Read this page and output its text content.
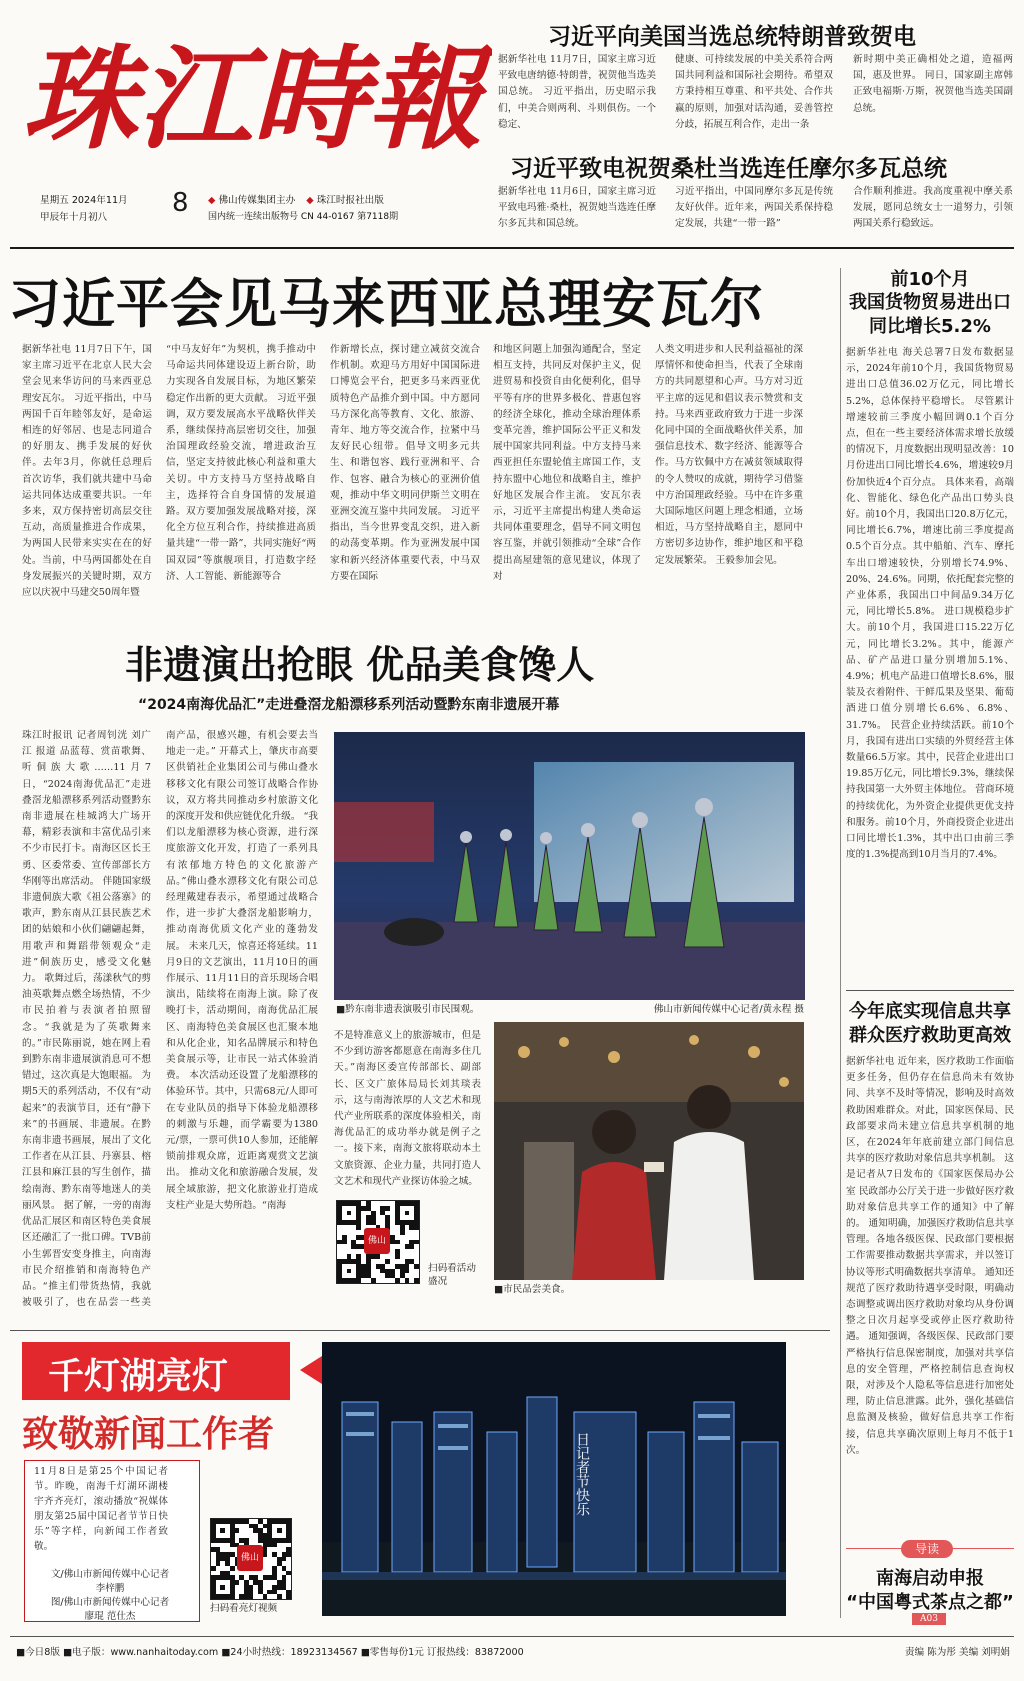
珠江時報
星期五 2024年11月
甲辰年十月初八	8 ◆ 佛山传媒集团主办 ◆ 珠江时报社出版
国内统一连续出版物号 CN 44-0167 第7118期
习近平向美国当选总统特朗普致贺电
据新华社电 11月7日，国家主席习近平致电唐纳德·特朗普，祝贺他当选美国总统。 习近平指出，历史昭示我们，中美合则两利、斗则俱伤。一个稳定、
健康、可持续发展的中美关系符合两国共同利益和国际社会期待。希望双方秉持相互尊重、和平共处、合作共赢的原则，加强对话沟通，妥善管控分歧，拓展互利合作，走出一条
新时期中美正确相处之道，造福两国，惠及世界。 同日，国家副主席韩正致电福斯·万斯，祝贺他当选美国副总统。
习近平致电祝贺桑杜当选连任摩尔多瓦总统
据新华社电 11月6日，国家主席习近平致电玛雅·桑杜，祝贺她当选连任摩尔多瓦共和国总统。
习近平指出，中国同摩尔多瓦是传统友好伙伴。近年来，两国关系保持稳定发展，共建“一带一路”
合作顺利推进。我高度重视中摩关系发展，愿同总统女士一道努力，引领两国关系行稳致远。
习近平会见马来西亚总理安瓦尔
据新华社电 11月7日下午，国家主席习近平在北京人民大会堂会见来华访问的马来西亚总理安瓦尔。 习近平指出，中马两国千百年睦邻友好，是命运相连的好邻居、也是志同道合的好朋友、携手发展的好伙伴。去年3月，你就任总理后首次访华，我们就共建中马命运共同体达成重要共识。一年多来，双方保持密切高层交往互动，高质量推进合作成果，为两国人民带来实实在在的好处。当前，中马两国都处在自身发展振兴的关键时期，双方应以庆祝中马建交50周年暨
“中马友好年”为契机，携手推动中马命运共同体建设迈上新台阶，助力实现各自发展目标，为地区繁荣稳定作出新的更大贡献。 习近平强调，双方要发展高水平战略伙伴关系，继续保持高层密切交往，加强治国理政经验交流，增进政治互信，坚定支持彼此核心利益和重大关切。中方支持马方坚持战略自主，选择符合自身国情的发展道路。双方要加强发展战略对接，深化全方位互利合作，持续推进高质量共建“一带一路”，共同实施好“两国双园”等旗舰项目，打造数字经济、人工智能、新能源等合
作新增长点，探讨建立减贫交流合作机制。欢迎马方用好中国国际进口博览会平台，把更多马来西亚优质特色产品推介到中国。中方愿同马方深化高等教育、文化、旅游、青年、地方等交流合作，拉紧中马友好民心纽带。倡导文明多元共生、和谐包容、践行亚洲和平、合作、包容、融合为核心的亚洲价值观，推动中华文明同伊斯兰文明在亚洲交流互鉴中共同发展。 习近平指出，当今世界变乱交织，进入新的动荡变革期。作为亚洲发展中国家和新兴经济体重要代表，中马双方要在国际
和地区问题上加强沟通配合，坚定相互支持，共同反对保护主义，促进贸易和投资自由化便利化，倡导平等有序的世界多极化、普惠包容的经济全球化，推动全球治理体系变革完善，维护国际公平正义和发展中国家共同利益。中方支持马来西亚担任东盟轮值主席国工作，支持东盟中心地位和战略自主，维护好地区发展合作主流。 安瓦尔表示，习近平主席提出构建人类命运共同体重要理念，倡导不同文明包容互鉴，并就引领推动“全球”合作提出高屋建瓴的意见建议，体现了对
人类文明进步和人民利益福祉的深厚情怀和使命担当，代表了全球南方的共同愿望和心声。马方对习近平主席的远见和倡议表示赞赏和支持。马来西亚政府致力于进一步深化同中国的全面战略伙伴关系，加强信息技术、数字经济、能源等合作。马方钦佩中方在减贫领域取得的令人赞叹的成就，期待学习借鉴中方治国理政经验。马中在许多重大国际地区问题上理念相通，立场相近，马方坚持战略自主，愿同中方密切多边协作，维护地区和平稳定发展繁荣。 王毅参加会见。
非遗演出抢眼 优品美食馋人
“2024南海优品汇”走进叠滘龙船漂移系列活动暨黔东南非遗展开幕
珠江时报讯 记者周钊洸 刘广江 报道 品蓝莓、赏苗歌舞、听侗族大歌……11月7日，“2024南海优品汇”走进叠滘龙船漂移系列活动暨黔东南非遗展在桂城鸿大广场开幕，精彩表演和丰富优品引来不少市民打卡。南海区区长王勇、区委常委、宣传部部长方华刚等出席活动。 伴随国家级非遗侗族大歌《祖公落寨》的歌声，黔东南从江县民族艺术团的姑娘和小伙们翩翩起舞，用歌声和舞蹈带领观众“走进”侗族历史，感受文化魅力。 歌舞过后，荡漾秋气的剪油英歌舞点燃全场热情，不少市民拍着与表演者拍照留念。“我就是为了英歌舞来的。”市民陈丽说，她在网上看到黔东南非遗展演消息可不想错过，这次真是大饱眼福。 为期5天的系列活动，不仅有“动起来”的表演节目，还有“静下来”的书画展、非遗展。在黔东南非遗书画展，展出了文化工作者在从江县、丹寨县、榕江县和麻江县的写生创作，描绘南海、黔东南等地迷人的美丽风景。 据了解，一旁的南海优品汇展区和南区特色美食展区还融汇了一批口碑。TVB前小生郭晋安变身推主，向南海市民介绍推销和南海特色产品。“推主们带货热情，我就被吸引了，也在品尝一些美
南产品，很感兴趣，有机会要去当地走一走。” 开幕式上，肇庆市高要区供销社企业集团公司与佛山叠水移移文化有限公司签订战略合作协议，双方将共同推动乡村旅游文化的深度开发和供应链优化升级。 “我们以龙船漂移为核心资源，进行深度旅游文化开发，打造了一系列具有浓郁地方特色的文化旅游产品。”佛山叠水漂移文化有限公司总经理戴建春表示，希望通过战略合作，进一步扩大叠滘龙船影响力，推动南海优质文化产业的蓬勃发展。 未来几天，惊喜还将延续。11月9日的文艺演出，11月10日的画作展示、11月11日的音乐现场合唱演出，陆续将在南海上演。除了夜晚打卡，活动期间，南海优品汇展区、南海特色美食展区也汇聚本地和从化企业，知名品牌展示和特色美食展示等，让市民一站式体验消费。 本次活动还设置了龙船漂移的体验环节。其中，只需68元/人即可在专业队员的指导下体验龙船漂移的刺激与乐趣，而学霸要为1380元/票，一票可供10人参加，还能解锁前排观众席，近距离观赏文艺演出。 推动文化和旅游融合发展，发展全域旅游，把文化旅游业打造成支柱产业是大势所趋。“南海
■黔东南非遗表演吸引市民围观。	佛山市新闻传媒中心记者/黄永程 摄
不是特准意义上的旅游城市，但是不少到访游客都愿意在南海多住几天。”南海区委宣传部部长、副部长、区文广旅体局局长刘其琰表示，这与南海浓厚的人文艺术和现代产业所联系的深度体验相关，南海优品汇的成功举办就是例子之一。接下来，南海文旅将联动本土文旅资源、企业力量，共同打造人文艺术和现代产业探访体验之城。
佛山
扫码看活动盛况
■市民品尝美食。
千灯湖亮灯
致敬新闻工作者
11月8日是第25个中国记者节。昨晚，南海千灯湖环湖楼宇齐齐亮灯，滚动播放“祝媒体朋友第25届中国记者节节日快乐”等字样，向新闻工作者致敬。
文/佛山市新闻传媒中心记者
李梓鹏
图/佛山市新闻传媒中心记者
廖琨 范仕杰
佛山
扫码看亮灯视频
日记者节快乐
前10个月
我国货物贸易进出口
同比增长5.2%
据新华社电 海关总署7日发布数据显示，2024年前10个月，我国货物贸易进出口总值36.02万亿元，同比增长5.2%，总体保持平稳增长。 尽管累计增速较前三季度小幅回调0.1个百分点，但在一些主要经济体需求增长放缓的情况下，月度数据出现明显改善：10月份进出口同比增长4.6%，增速较9月份加快近4个百分点。 具体来看，高端化、智能化、绿色化产品出口势头良好。前10个月，我国出口20.8万亿元，同比增长6.7%，增速比前三季度提高0.5个百分点。其中船舶、汽车、摩托车出口增速较快，分别增长74.9%、20%、24.6%。同期，依托配套完整的产业体系，我国出口中间品9.34万亿元，同比增长5.8%。 进口规模稳步扩大。前10个月，我国进口15.22万亿元，同比增长3.2%。其中，能源产品、矿产品进口量分别增加5.1%、4.9%；机电产品进口值增长8.6%，服装及衣着附件、干鲜瓜果及坚果、葡萄酒进口值分别增长6.6%、6.8%、31.7%。 民营企业持续活跃。前10个月，我国有进出口实绩的外贸经营主体数量66.5万家。其中，民营企业进出口19.85万亿元，同比增长9.3%，继续保持我国第一大外贸主体地位。 营商环境的持续优化，为外资企业提供更优支持和服务。前10个月，外商投资企业进出口同比增长1.3%，其中出口由前三季度的1.3%提高到10月当月的7.4%。
今年底实现信息共享
群众医疗救助更高效
据新华社电 近年来，医疗救助工作面临更多任务，但仍存在信息尚未有效协同、共享不及时等情况，影响及时高效救助困难群众。对此，国家医保局、民政部要求尚未建立信息共享机制的地区，在2024年年底前建立部门间信息共享的医疗救助对象信息共享机制。 这是记者从7日发布的《国家医保局办公室 民政部办公厅关于进一步做好医疗救助对象信息共享工作的通知》中了解的。 通知明确，加强医疗救助信息共享管理。各地各级医保、民政部门要根据工作需要推动数据共享需求，并以签订协议等形式明确数据共享清单。 通知还规范了医疗救助待遇享受时限，明确动态调整或调出医疗救助对象均从身份调整之日次月起享受或停止医疗救助待遇。 通知强调，各级医保、民政部门要严格执行信息保密制度，加强对共享信息的安全管理，严格控制信息查询权限，对涉及个人隐私等信息进行加密处理，防止信息泄露。此外，强化基础信息监测及核验，做好信息共享工作衔接，信息共享确次原则上每月不低于1次。
导读
南海启动申报
“中国粤式茶点之都”
A03
■今日8版 ■电子版：www.nanhaitoday.com ■24小时热线：18923134567 ■零售每份1元 订报热线：83872000	责编 陈为彤 美编 刘明娟
